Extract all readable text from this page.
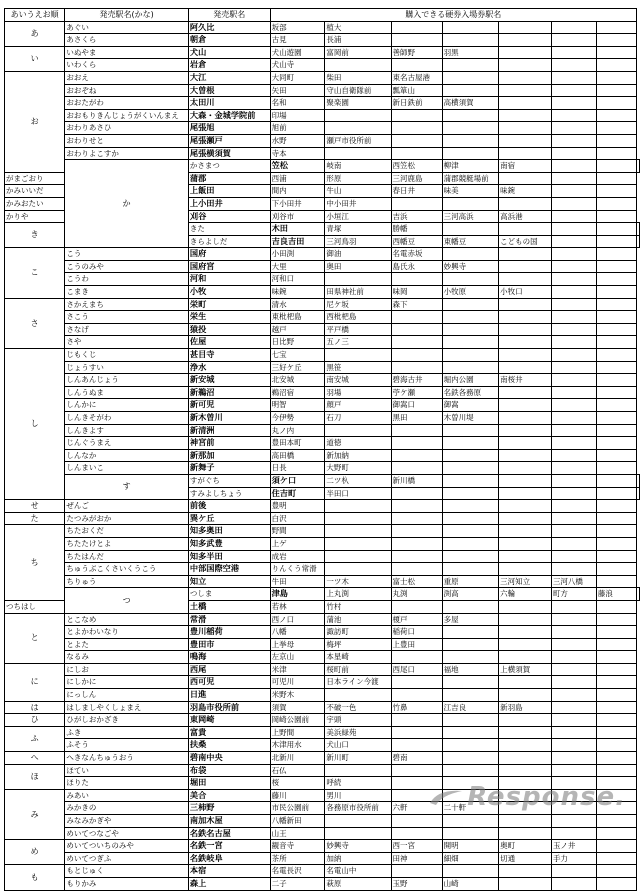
あいうえお順	発売駅名(かな)	発売駅名	購入できる硬券入場券駅名							
あ	あぐい	阿久比	坂部	植大						
	あさくら	朝倉	古見	長浦						
い	いぬやま	犬山	犬山遊園	富岡前	善師野	羽黒				
	いわくら	岩倉	犬山寺							
お	おおえ	大江	大同町	柴田	東名古屋港					
	おおぞね	大曽根	矢田	守山自衛隊前	瓢箪山					
	おおたがわ	太田川	名和	聚楽園	新日鉄前	高横須賀				
	おおもりきんじょうがくいんまえ	大森・金城学院前	印場							
	おわりあさひ	尾張旭	旭前							
	おわりせと	尾張瀬戸	水野	瀬戸市役所前						
	おわりよこすか	尾張横須賀	寺本							
	か	かさまつ	笠松	岐南	西笠松	柳津	南宿			
がまごおり		蒲郡	西浦	形原	三河鹿島	蒲郡競艇場前				
かみいいだ		上飯田	間内	牛山	春日井	味美	味鋺			
かみおたい		上小田井	下小田井	中小田井						
かりや		刈谷	刈谷市	小垣江	吉浜	三河高浜	高浜港			
き		きた	木田	青塚	勝幡					
		きらよしだ	吉良吉田	三河鳥羽	西幡豆	東幡豆	こどもの国			
こ	こう	国府	小田渕	御油	名電赤坂					
	こうのみや	国府宮	大里	奥田	島氏永	妙興寺				
	こうわ	河和	河和口							
	こまき	小牧	味鋺	田県神社前	味岡	小牧原	小牧口			
さ	さかえまち	栄町	清水	尼ケ坂	森下					
	さこう	栄生	東枇杷島	西枇杷島						
	さなげ	猿投	越戸	平戸橋						
	さや	佐屋	日比野	五ノ三						
し	じもくじ	甚目寺	七宝							
	じょうすい	浄水	三好ケ丘	黒笹						
	しんあんじょう	新安城	北安城	南安城	碧海古井	堀内公園	南桜井			
	しんうぬま	新鵜沼	鵜沼宿	羽場	苧ケ瀬	名鉄各務原				
	しんかに	新可児	明智	顔戸	御嵩口	御嵩				
	しんきそがわ	新木曽川	今伊勢	石刀	黒田	木曽川堤				
	しんきよす	新清洲	丸ノ内							
	じんぐうまえ	神宮前	豊田本町	道徳						
	しんなか	新那加	高田橋	新加納						
	しんまいこ	新舞子	日長	大野町						
	す	すがぐち	須ケ口	二ツ杁	新川橋					
		すみよしちょう	住吉町	半田口						
せ	ぜんご	前後	豊明							
た	たつみがおか	巽ケ丘	白沢							
ち	ちたおくだ	知多奥田	野間							
	ちたたけとよ	知多武豊	上ゲ							
	ちたはんだ	知多半田	成岩							
	ちゅうぶこくさいくうこう	中部国際空港	りんくう常滑							
	ちりゅう	知立	牛田	一ツ木	富士松	重原	三河知立	三河八橋		
	つ	つしま	津島	上丸渕	丸渕	渕高	六輪	町方	藤浪	
つちはし		土橋	若林	竹村						
と	とこなめ	常滑	西ノ口	蒲池	榎戸	多屋				
	とよかわいなり	豊川稲荷	八幡	諏訪町	稲荷口					
	とよた	豊田市	上挙母	梅坪	上豊田					
	なるみ	鳴海	左京山	本星崎						
に	にしお	西尾	米津	桜町前	西尾口	福地	上横須賀			
	にしかに	西可児	可児川	日本ライン今渡						
	にっしん	日進	米野木							
は	はしましやくしょまえ	羽島市役所前	須賀	不破一色	竹鼻	江吉良	新羽島			
ひ	ひがしおかざき	東岡崎	岡崎公園前	宇頭						
ふ	ふき	富貴	上野間	美浜緑苑						
	ふそう	扶桑	木津用水	犬山口						
へ	へきなんちゅうおう	碧南中央	北新川	新川町	碧南					
ほ	ほてい	布袋	石仏							
	ほりた	堀田	桜	呼続						
み	みあい	美合	藤川	男川						
	みかきの	三柿野	市民公園前	各務原市役所前	六軒	二十軒				
	みなみかぎや	南加木屋	八幡新田							
	めいてつなごや	名鉄名古屋	山王							
め	めいてついちのみや	名鉄一宮	観音寺	妙興寺	西一宮	開明	奥町	玉ノ井		
	めいてつぎふ	名鉄岐阜	茶所	加納	田神	細畑	切通	手力		
も	もとじゅく	本宿	名電長沢	名電山中						
	もりかみ	森上	二子	萩原	玉野	山崎				
Response.
